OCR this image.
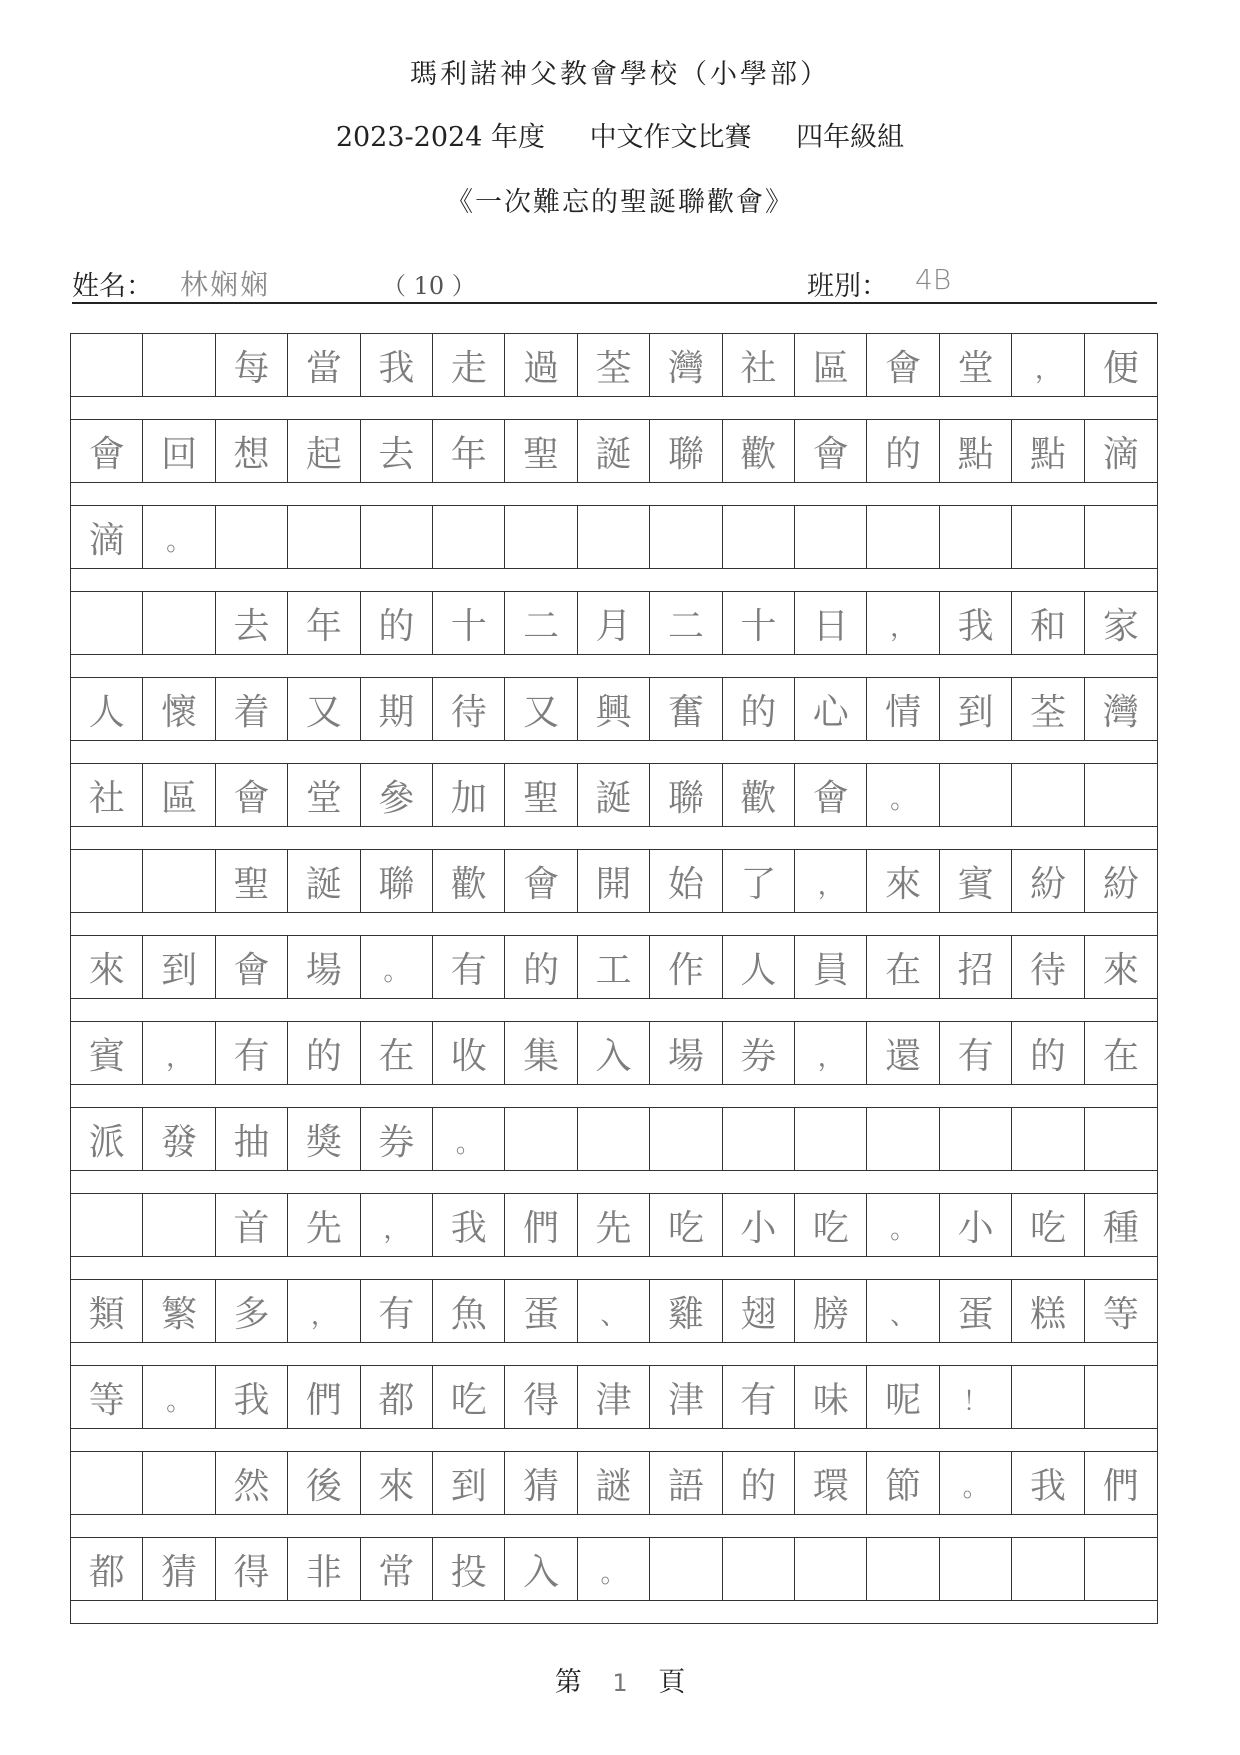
瑪利諾神父教會學校（小學部）
2023-2024 年度 中文作文比賽 四年級組
《一次難忘的聖誕聯歡會》
姓名： 林娴娴	（ 10 ）	班別： 4B
每	當	我	走	過	荃	灣	社	區	會	堂	，	便
會	回	想	起	去	年	聖	誕	聯	歡	會	的	點	點	滴
滴	。
去	年	的	十	二	月	二	十	日	，	我	和	家
人	懷	着	又	期	待	又	興	奮	的	心	情	到	荃	灣
社	區	會	堂	參	加	聖	誕	聯	歡	會	。
聖	誕	聯	歡	會	開	始	了	，	來	賓	紛	紛
來	到	會	場	。	有	的	工	作	人	員	在	招	待	來
賓	，	有	的	在	收	集	入	場	券	，	還	有	的	在
派	發	抽	獎	券	。
首	先	，	我	們	先	吃	小	吃	。	小	吃	種
類	繁	多	，	有	魚	蛋	、	雞	翅	膀	、	蛋	糕	等
等	。	我	們	都	吃	得	津	津	有	味	呢	！
然	後	來	到	猜	謎	語	的	環	節	。	我	們
都	猜	得	非	常	投	入	。
第 1 頁
